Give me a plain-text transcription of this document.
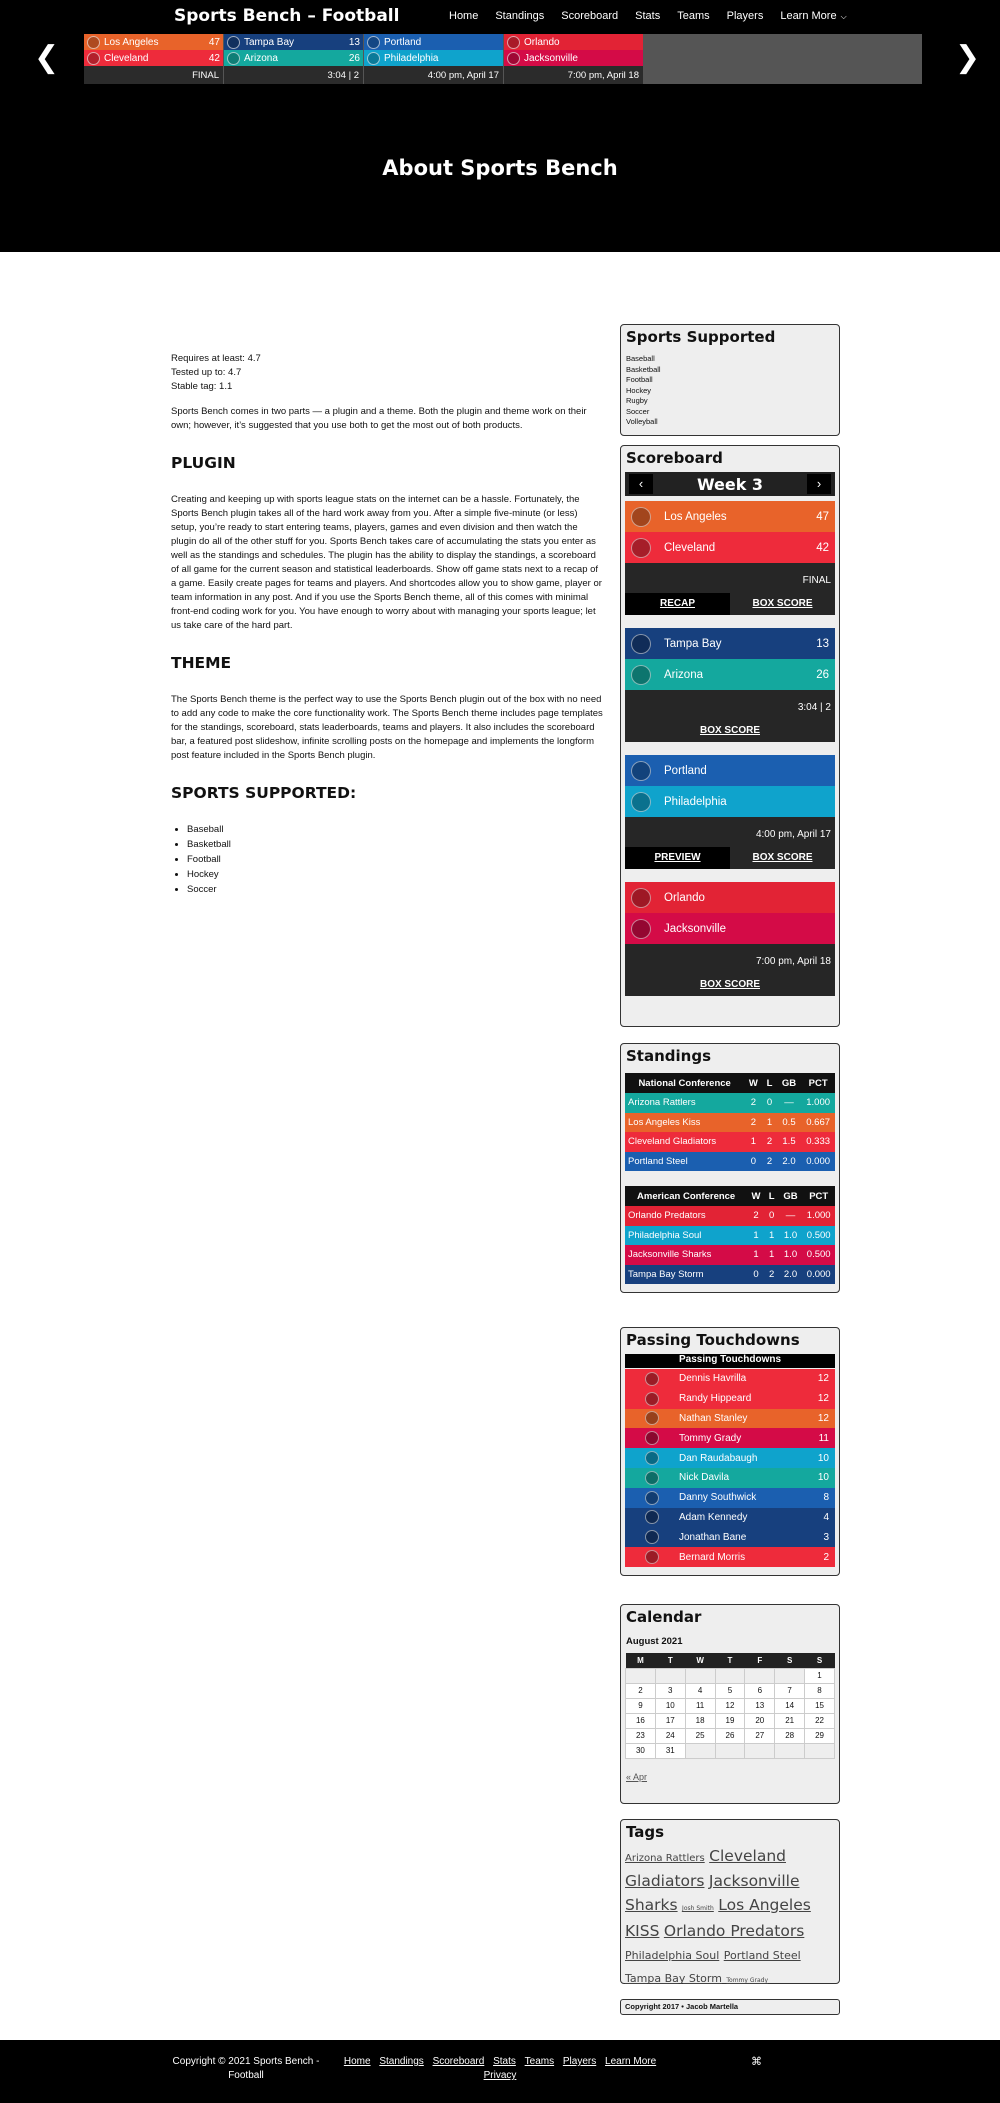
Sports Bench – Football	Home Standings Scoreboard Stats Teams Players Learn More ⌵
❮	❯
Los Angeles	47
Cleveland	42
FINAL
Tampa Bay	13
Arizona	26
3:04 | 2
Portland
Philadelphia
4:00 pm, April 17
Orlando
Jacksonville
7:00 pm, April 18
About Sports Bench

Requires at least: 4.7
Tested up to: 4.7
Stable tag: 1.1

Sports Bench comes in two parts — a plugin and a theme. Both the plugin and theme work on their own; however, it’s suggested that you use both to get the most out of both products.

PLUGIN

Creating and keeping up with sports league stats on the internet can be a hassle. Fortunately, the Sports Bench plugin takes all of the hard work away from you. After a simple five-minute (or less) setup, you’re ready to start entering teams, players, games and even division and then watch the plugin do all of the other stuff for you. Sports Bench takes care of accumulating the stats you enter as well as the standings and schedules. The plugin has the ability to display the standings, a scoreboard of all game for the current season and statistical leaderboards. Show off game stats next to a recap of a game. Easily create pages for teams and players. And shortcodes allow you to show game, player or team information in any post. And if you use the Sports Bench theme, all of this comes with minimal front-end coding work for you. You have enough to worry about with managing your sports league; let us take care of the hard part.

THEME

The Sports Bench theme is the perfect way to use the Sports Bench plugin out of the box with no need to add any code to make the core functionality work. The Sports Bench theme includes page templates for the standings, scoreboard, stats leaderboards, teams and players. It also includes the scoreboard bar, a featured post slideshow, infinite scrolling posts on the homepage and implements the longform post feature included in the Sports Bench plugin.

SPORTS SUPPORTED:
• Baseball
• Basketball
• Football
• Hockey
• Soccer
Sports Supported
Baseball
Basketball
Football
Hockey
Rugby
Soccer
Volleyball
Scoreboard
‹	Week 3	›
Los Angeles	47
Cleveland	42
FINAL
RECAP	BOX SCORE
Tampa Bay	13
Arizona	26
3:04 | 2
BOX SCORE
Portland
Philadelphia
4:00 pm, April 17
PREVIEW	BOX SCORE
Orlando
Jacksonville
7:00 pm, April 18
BOX SCORE
Standings
National Conference	W	L	GB	PCT
Arizona Rattlers	2	0	—	1.000
Los Angeles Kiss	2	1	0.5	0.667
Cleveland Gladiators	1	2	1.5	0.333
Portland Steel	0	2	2.0	0.000
American Conference	W	L	GB	PCT
Orlando Predators	2	0	—	1.000
Philadelphia Soul	1	1	1.0	0.500
Jacksonville Sharks	1	1	1.0	0.500
Tampa Bay Storm	0	2	2.0	0.000
Passing Touchdowns
Passing Touchdowns
Dennis Havrilla	12
Randy Hippeard	12
Nathan Stanley	12
Tommy Grady	11
Dan Raudabaugh	10
Nick Davila	10
Danny Southwick	8
Adam Kennedy	4
Jonathan Bane	3
Bernard Morris	2
Calendar
August 2021
M	T	W	T	F	S	S
						1
2	3	4	5	6	7	8
9	10	11	12	13	14	15
16	17	18	19	20	21	22
23	24	25	26	27	28	29
30	31					
« Apr
Tags
Arizona Rattlers Cleveland Gladiators Jacksonville Sharks Josh Smith Los Angeles KISS Orlando Predators Philadelphia Soul Portland Steel Tampa Bay Storm Tommy Grady
Copyright 2017 • Jacob Martella
Copyright © 2021 Sports Bench - Football
Home Standings Scoreboard Stats Teams Players Learn More
Privacy
⌘
